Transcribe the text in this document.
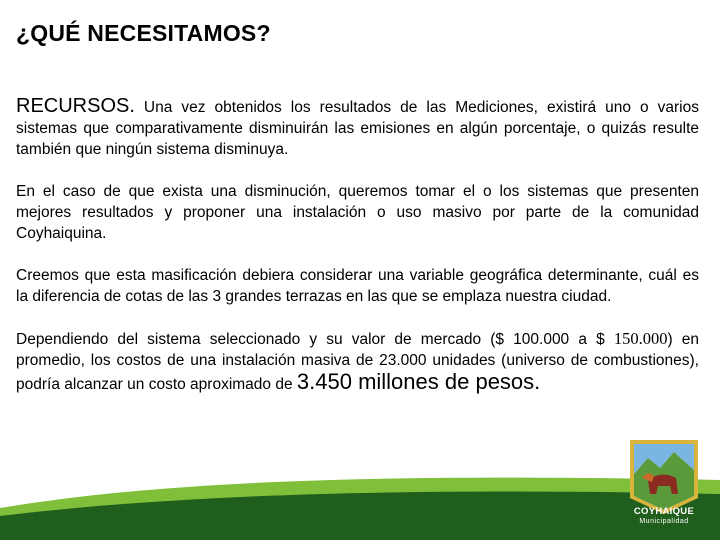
¿QUÉ NECESITAMOS?

RECURSOS. Una vez obtenidos los resultados de las Mediciones, existirá uno o varios sistemas que comparativamente disminuirán las emisiones en algún porcentaje, o quizás resulte también que ningún sistema disminuya.

En el caso de que exista una disminución, queremos tomar el o los sistemas que presenten mejores resultados y proponer una instalación o uso masivo por parte de la comunidad Coyhaiquina.

Creemos que esta masificación debiera considerar una variable geográfica determinante, cuál es la diferencia de cotas de las 3 grandes terrazas en las que se emplaza nuestra ciudad.

Dependiendo del sistema seleccionado y su valor de mercado ($ 100.000 a $ 150.000) en promedio, los costos de una instalación masiva de 23.000 unidades (universo de combustiones), podría alcanzar un costo aproximado de 3.450 millones de pesos.

COYHAIQUE
Municipalidad
